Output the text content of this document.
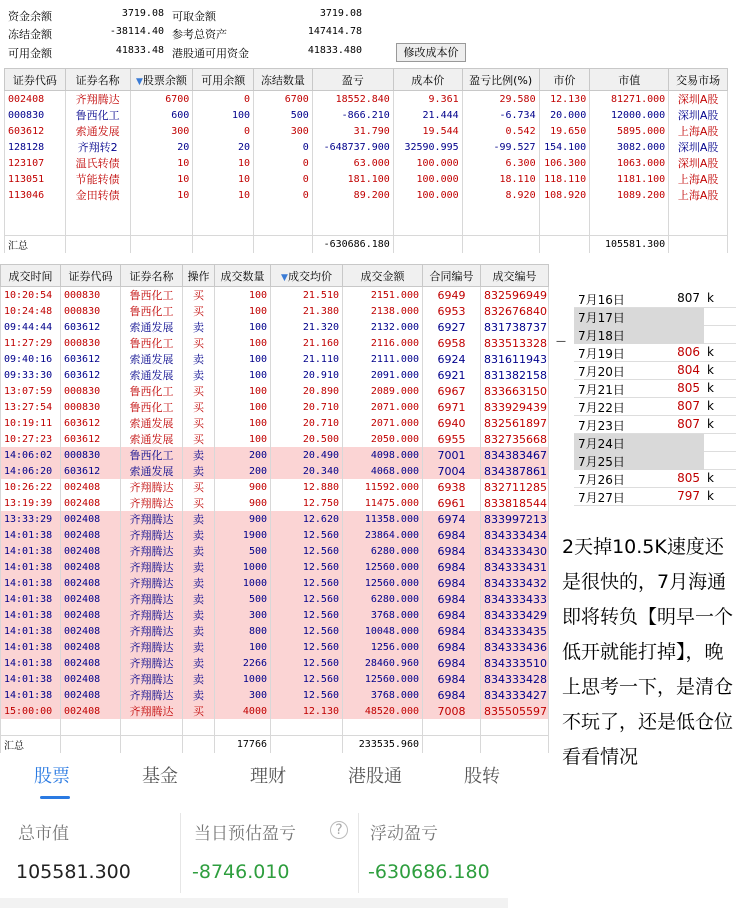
资金余额	3719.08 可取金额	3719.08
冻结金额	-38114.40 参考总资产	147414.78
可用金额	41833.48 港股通可用资金	41833.480	修改成本价
证券代码	证券名称	▼股票余额	可用余额	冻结数量	盈亏	成本价	盈亏比例(%)	市价	市值	交易市场
002408	齐翔腾达	6700	0	6700	18552.840	9.361	29.580	12.130	81271.000	深圳A股
000830	鲁西化工	600	100	500	-866.210	21.444	-6.734	20.000	12000.000	深圳A股
603612	索通发展	300	0	300	31.790	19.544	0.542	19.650	5895.000	上海A股
128128	齐翔转2	20	20	0	-648737.900	32590.995	-99.527	154.100	3082.000	深圳A股
123107	温氏转债	10	10	0	63.000	100.000	6.300	106.300	1063.000	深圳A股
113051	节能转债	10	10	0	181.100	100.000	18.110	118.110	1181.100	上海A股
113046	金田转债	10	10	0	89.200	100.000	8.920	108.920	1089.200	上海A股

汇总					-630686.180				105581.300	
成交时间	证券代码	证券名称	操作	成交数量	▼成交均价	成交金额	合同编号	成交编号
10:20:54	000830	鲁西化工	买	100	21.510	2151.000	6949	832596949
10:24:48	000830	鲁西化工	买	100	21.380	2138.000	6953	832676840
09:44:44	603612	索通发展	卖	100	21.320	2132.000	6927	831738737
11:27:29	000830	鲁西化工	买	100	21.160	2116.000	6958	833513328
09:40:16	603612	索通发展	卖	100	21.110	2111.000	6924	831611943
09:33:30	603612	索通发展	卖	100	20.910	2091.000	6921	831382158
13:07:59	000830	鲁西化工	买	100	20.890	2089.000	6967	833663150
13:27:54	000830	鲁西化工	买	100	20.710	2071.000	6971	833929439
10:19:11	603612	索通发展	买	100	20.710	2071.000	6940	832561897
10:27:23	603612	索通发展	买	100	20.500	2050.000	6955	832735668
14:06:02	000830	鲁西化工	卖	200	20.490	4098.000	7001	834383467
14:06:20	603612	索通发展	卖	200	20.340	4068.000	7004	834387861
10:26:22	002408	齐翔腾达	买	900	12.880	11592.000	6938	832711285
13:19:39	002408	齐翔腾达	买	900	12.750	11475.000	6961	833818544
13:33:29	002408	齐翔腾达	卖	900	12.620	11358.000	6974	833997213
14:01:38	002408	齐翔腾达	卖	1900	12.560	23864.000	6984	834333434
14:01:38	002408	齐翔腾达	卖	500	12.560	6280.000	6984	834333430
14:01:38	002408	齐翔腾达	卖	1000	12.560	12560.000	6984	834333431
14:01:38	002408	齐翔腾达	卖	1000	12.560	12560.000	6984	834333432
14:01:38	002408	齐翔腾达	卖	500	12.560	6280.000	6984	834333433
14:01:38	002408	齐翔腾达	卖	300	12.560	3768.000	6984	834333429
14:01:38	002408	齐翔腾达	卖	800	12.560	10048.000	6984	834333435
14:01:38	002408	齐翔腾达	卖	100	12.560	1256.000	6984	834333436
14:01:38	002408	齐翔腾达	卖	2266	12.560	28460.960	6984	834333510
14:01:38	002408	齐翔腾达	卖	1000	12.560	12560.000	6984	834333428
14:01:38	002408	齐翔腾达	卖	300	12.560	3768.000	6984	834333427
15:00:00	002408	齐翔腾达	买	4000	12.130	48520.000	7008	835505597

汇总				17766		233535.960		
—
7月16日	807 k
7月17日
7月18日
7月19日	806 k
7月20日	804 k
7月21日	805 k
7月22日	807 k
7月23日	807 k
7月24日
7月25日
7月26日	805 k
7月27日	797 k
2天掉10.5K速度还是很快的，7月海通即将转负【明早一个低开就能打掉】，晚上思考一下，是清仓不玩了，还是低仓位看看情况
股票	基金	理财	港股通	股转
总市值
105581.300
当日预估盈亏	?
-8746.010
浮动盈亏
-630686.180
